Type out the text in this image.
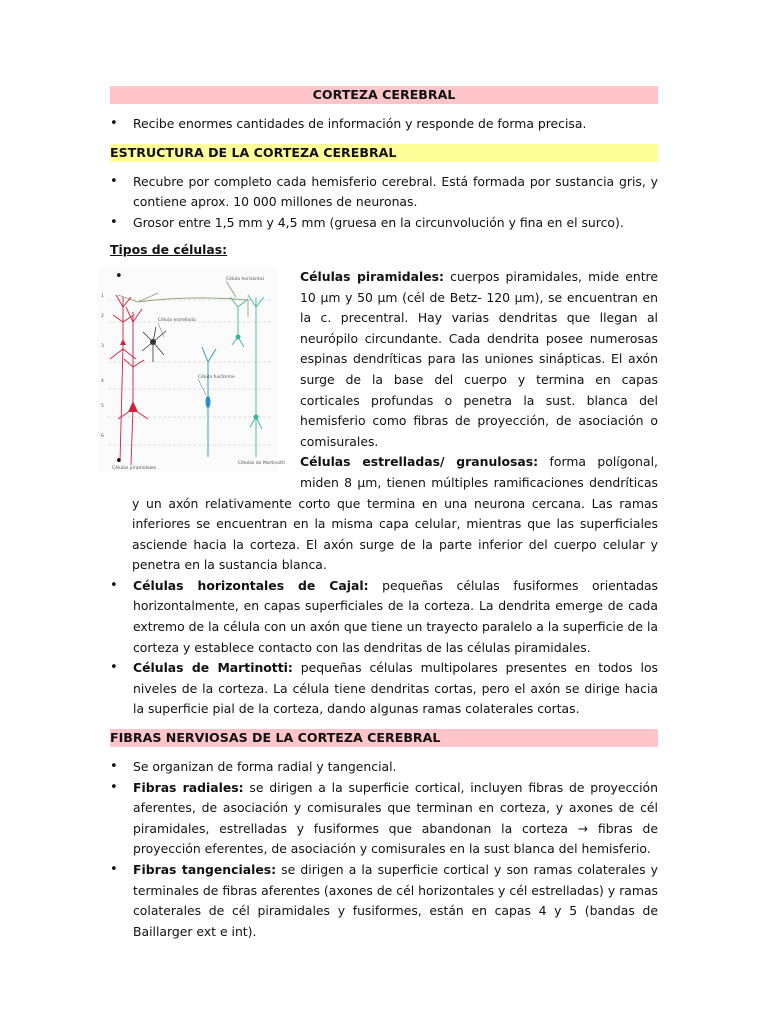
CORTEZA CEREBRAL
• Recibe enormes cantidades de información y responde de forma precisa.
ESTRUCTURA DE LA CORTEZA CEREBRAL
• Recubre por completo cada hemisferio cerebral. Está formada por sustancia gris, y contiene aprox. 10 000 millones de neuronas.
• Grosor entre 1,5 mm y 4,5 mm (gruesa en la circunvolución y fina en el surco).
Tipos de células:
1
2
3
4
5
6
Célula horizontal
Célula estrellada
Célula fusiforme
Células piramidales
Células de Martinotti
• Células piramidales: cuerpos piramidales, mide entre 10 µm y 50 µm (cél de Betz- 120 µm), se encuentran en la c. precentral. Hay varias dendritas que llegan al neurópilo circundante. Cada dendrita posee numerosas espinas dendríticas para las uniones sinápticas. El axón surge de la base del cuerpo y termina en capas corticales profundas o penetra la sust. blanca del hemisferio como fibras de proyección, de asociación o comisurales.
• Células estrelladas/ granulosas: forma polígonal, miden 8 µm, tienen múltiples ramificaciones dendríticas y un axón relativamente corto que termina en una neurona cercana. Las ramas inferiores se encuentran en la misma capa celular, mientras que las superficiales asciende hacia la corteza. El axón surge de la parte inferior del cuerpo celular y penetra en la sustancia blanca.
• Células horizontales de Cajal: pequeñas células fusiformes orientadas horizontalmente, en capas superficiales de la corteza. La dendrita emerge de cada extremo de la célula con un axón que tiene un trayecto paralelo a la superficie de la corteza y establece contacto con las dendritas de las células piramidales.
• Células de Martinotti: pequeñas células multipolares presentes en todos los niveles de la corteza. La célula tiene dendritas cortas, pero el axón se dirige hacia la superficie pial de la corteza, dando algunas ramas colaterales cortas.
FIBRAS NERVIOSAS DE LA CORTEZA CEREBRAL
• Se organizan de forma radial y tangencial.
• Fibras radiales: se dirigen a la superficie cortical, incluyen fibras de proyección aferentes, de asociación y comisurales que terminan en corteza, y axones de cél piramidales, estrelladas y fusiformes que abandonan la corteza → fibras de proyección eferentes, de asociación y comisurales en la sust blanca del hemisferio.
• Fibras tangenciales: se dirigen a la superficie cortical y son ramas colaterales y terminales de fibras aferentes (axones de cél horizontales y cél estrelladas) y ramas colaterales de cél piramidales y fusiformes, están en capas 4 y 5 (bandas de Baillarger ext e int).
